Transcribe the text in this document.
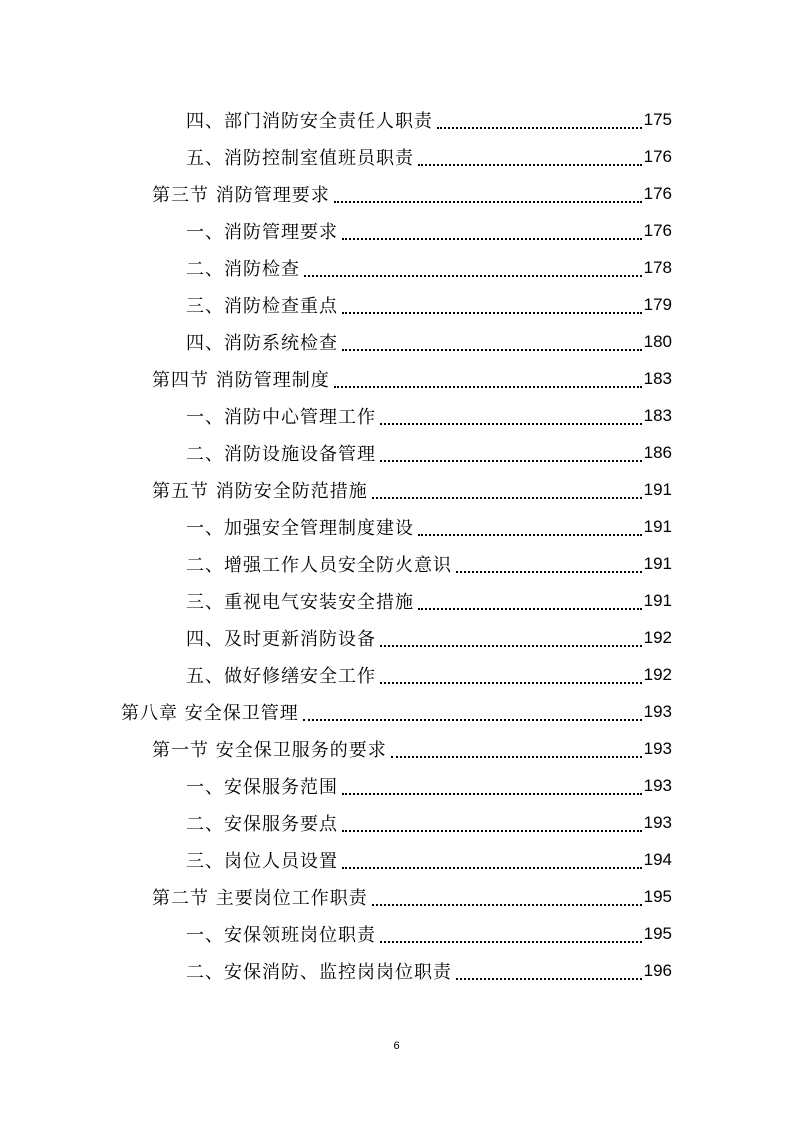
四、部门消防安全责任人职责	175
五、消防控制室值班员职责	176
第三节 消防管理要求	176
一、消防管理要求	176
二、消防检查	178
三、消防检查重点	179
四、消防系统检查	180
第四节 消防管理制度	183
一、消防中心管理工作	183
二、消防设施设备管理	186
第五节 消防安全防范措施	191
一、加强安全管理制度建设	191
二、增强工作人员安全防火意识	191
三、重视电气安装安全措施	191
四、及时更新消防设备	192
五、做好修缮安全工作	192
第八章 安全保卫管理	193
第一节 安全保卫服务的要求	193
一、安保服务范围	193
二、安保服务要点	193
三、岗位人员设置	194
第二节 主要岗位工作职责	195
一、安保领班岗位职责	195
二、安保消防、监控岗岗位职责	196
6
